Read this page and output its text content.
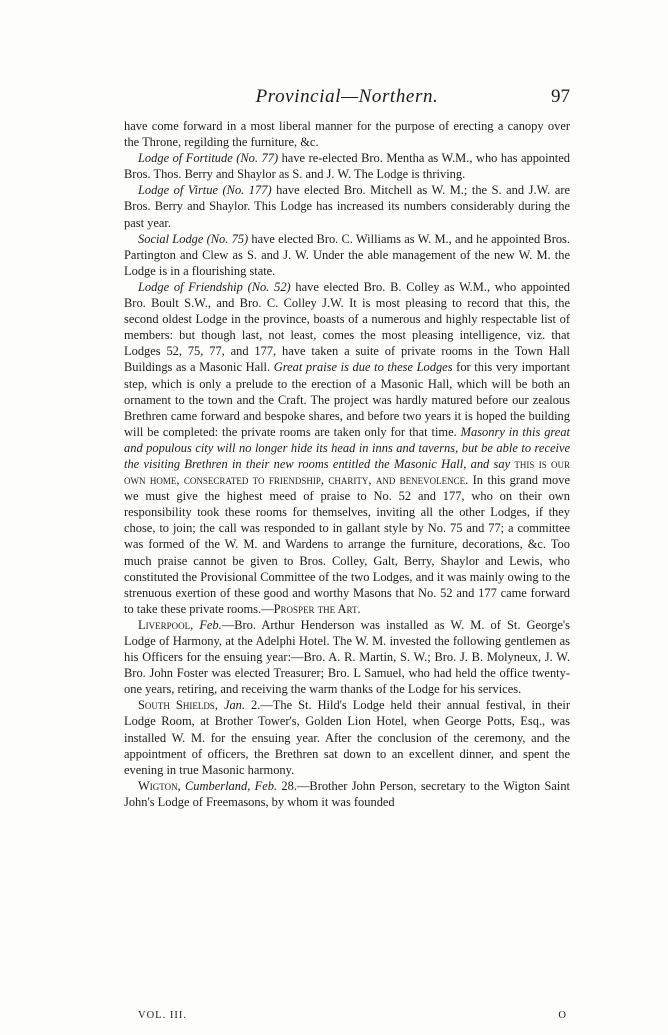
Provincial—Northern.	97

have come forward in a most liberal manner for the purpose of erecting a canopy over the Throne, regilding the furniture, &c.

Lodge of Fortitude (No. 77) have re-elected Bro. Mentha as W.M., who has appointed Bros. Thos. Berry and Shaylor as S. and J. W. The Lodge is thriving.

Lodge of Virtue (No. 177) have elected Bro. Mitchell as W. M.; the S. and J.W. are Bros. Berry and Shaylor. This Lodge has increased its numbers considerably during the past year.

Social Lodge (No. 75) have elected Bro. C. Williams as W. M., and he appointed Bros. Partington and Clew as S. and J. W. Under the able management of the new W. M. the Lodge is in a flourishing state.

Lodge of Friendship (No. 52) have elected Bro. B. Colley as W.M., who appointed Bro. Boult S.W., and Bro. C. Colley J.W. It is most pleasing to record that this, the second oldest Lodge in the province, boasts of a numerous and highly respectable list of members: but though last, not least, comes the most pleasing intelligence, viz. that Lodges 52, 75, 77, and 177, have taken a suite of private rooms in the Town Hall Buildings as a Masonic Hall. Great praise is due to these Lodges for this very important step, which is only a prelude to the erection of a Masonic Hall, which will be both an ornament to the town and the Craft. The project was hardly matured before our zealous Brethren came forward and bespoke shares, and before two years it is hoped the building will be completed: the private rooms are taken only for that time. Masonry in this great and populous city will no longer hide its head in inns and taverns, but be able to receive the visiting Brethren in their new rooms entitled the Masonic Hall, and say this is our own home, consecrated to friendship, charity, and benevolence. In this grand move we must give the highest meed of praise to No. 52 and 177, who on their own responsibility took these rooms for themselves, inviting all the other Lodges, if they chose, to join; the call was responded to in gallant style by No. 75 and 77; a committee was formed of the W. M. and Wardens to arrange the furniture, decorations, &c. Too much praise cannot be given to Bros. Colley, Galt, Berry, Shaylor and Lewis, who constituted the Provisional Committee of the two Lodges, and it was mainly owing to the strenuous exertion of these good and worthy Masons that No. 52 and 177 came forward to take these private rooms.—Prosper the Art.

Liverpool, Feb.—Bro. Arthur Henderson was installed as W. M. of St. George's Lodge of Harmony, at the Adelphi Hotel. The W. M. invested the following gentlemen as his Officers for the ensuing year:—Bro. A. R. Martin, S. W.; Bro. J. B. Molyneux, J. W. Bro. John Foster was elected Treasurer; Bro. L Samuel, who had held the office twenty-one years, retiring, and receiving the warm thanks of the Lodge for his services.

South Shields, Jan. 2.—The St. Hild's Lodge held their annual festival, in their Lodge Room, at Brother Tower's, Golden Lion Hotel, when George Potts, Esq., was installed W. M. for the ensuing year. After the conclusion of the ceremony, and the appointment of officers, the Brethren sat down to an excellent dinner, and spent the evening in true Masonic harmony.

Wigton, Cumberland, Feb. 28.—Brother John Person, secretary to the Wigton Saint John's Lodge of Freemasons, by whom it was founded

VOL. III.	O
